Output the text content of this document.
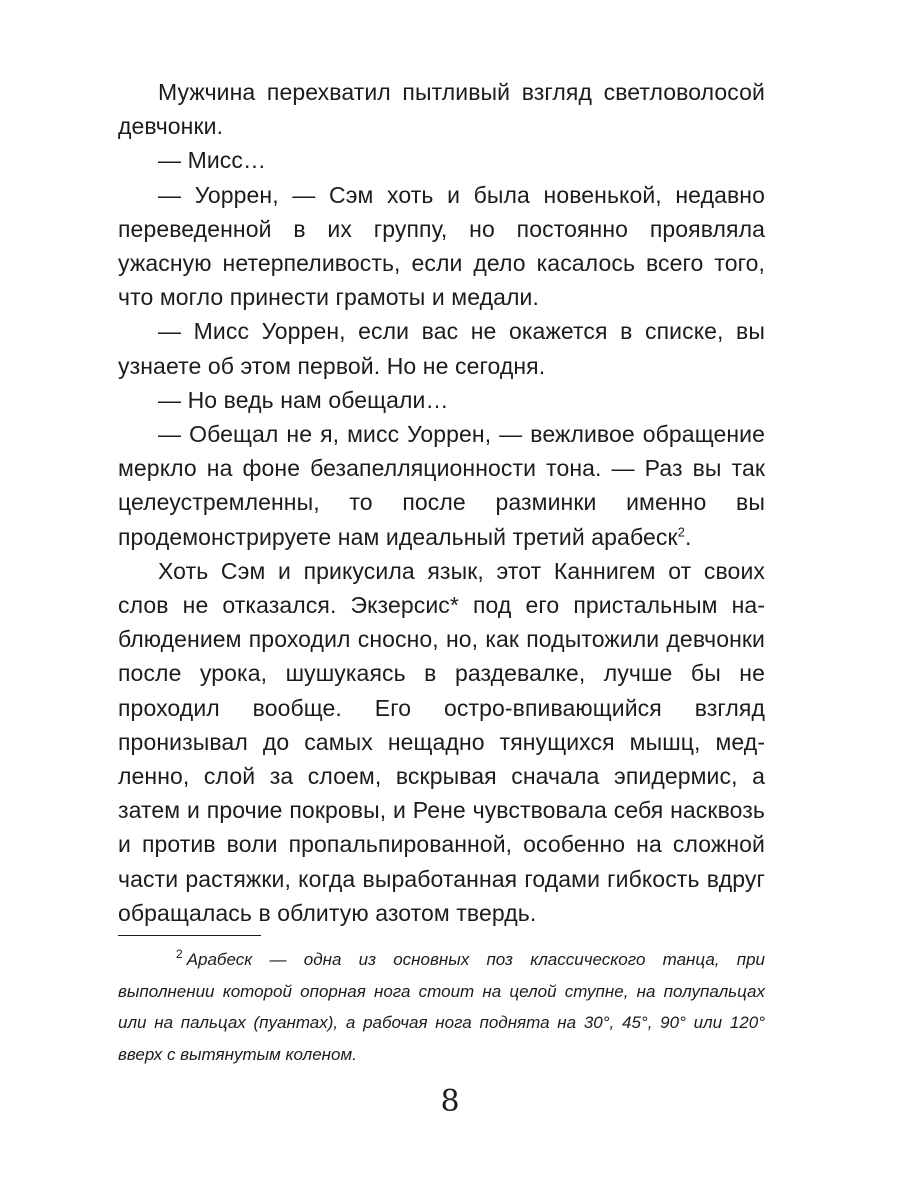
Мужчина перехватил пытливый взгляд светловолосой девчонки.

— Мисс…

— Уоррен, — Сэм хоть и была новенькой, недавно переведенной в их группу, но постоянно проявляла ужасную нетерпеливость, если дело касалось всего того, что могло принести грамоты и медали.

— Мисс Уоррен, если вас не окажется в списке, вы узнаете об этом первой. Но не сегодня.

— Но ведь нам обещали…

— Обещал не я, мисс Уоррен, — вежливое обращение меркло на фоне безапелляционности тона. — Раз вы так целеустремленны, то после разминки именно вы продемонстрируете нам идеальный третий арабеск$^2$.

Хоть Сэм и прикусила язык, этот Каннигем от своих слов не отказался. Экзерсис* под его пристальным наблюдением проходил сносно, но, как подытожили девчонки после урока, шушукаясь в раздевалке, лучше бы не проходил вообще. Его остро-впивающийся взгляд пронизывал до самых нещадно тянущихся мышц, медленно, слой за слоем, вскрывая сначала эпидермис, а затем и прочие покровы, и Рене чувствовала себя насквозь и против воли пропальпированной, особенно на сложной части растяжки, когда выработанная годами гибкость вдруг обращалась в облитую азотом твердь.

$^2$ Арабеск — одна из основных поз классического танца, при выполнении которой опорная нога стоит на целой ступне, на полупальцах или на пальцах (пуантах), а рабочая нога поднята на 30°, 45°, 90° или 120° вверх с вытянутым коленом.
8
